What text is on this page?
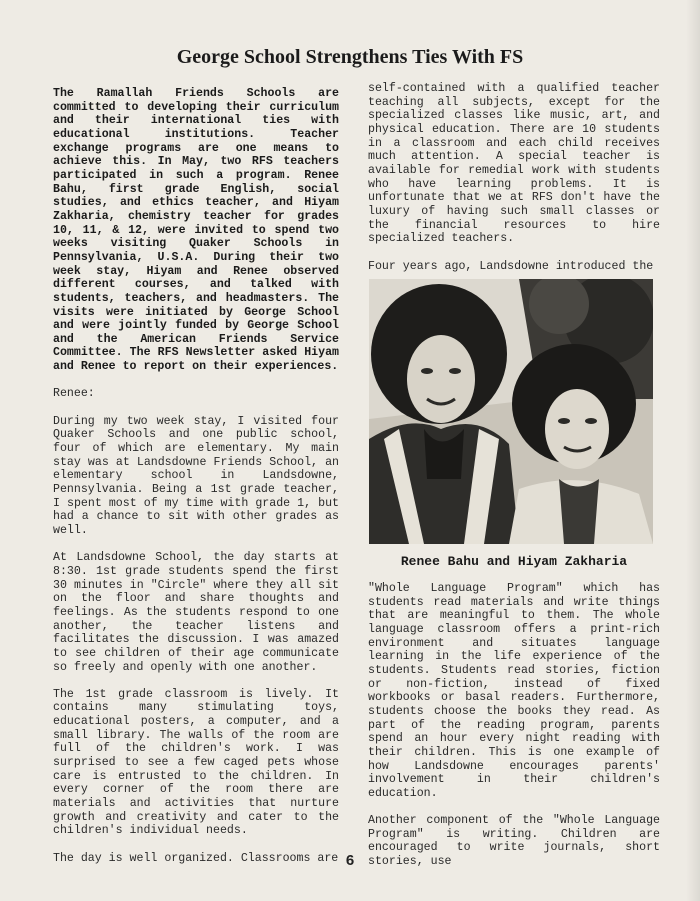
George School Strengthens Ties With FS

The Ramallah Friends Schools are committed to developing their curriculum and their international ties with educational institutions. Teacher exchange programs are one means to achieve this. In May, two RFS teachers participated in such a program. Renee Bahu, first grade English, social studies, and ethics teacher, and Hiyam Zakharia, chemistry teacher for grades 10, 11, & 12, were invited to spend two weeks visiting Quaker Schools in Pennsylvania, U.S.A. During their two week stay, Hiyam and Renee observed different courses, and talked with students, teachers, and headmasters. The visits were initiated by George School and were jointly funded by George School and the American Friends Service Committee. The RFS Newsletter asked Hiyam and Renee to report on their experiences.

Renee:

During my two week stay, I visited four Quaker Schools and one public school, four of which are elementary. My main stay was at Landsdowne Friends School, an elementary school in Landsdowne, Pennsylvania. Being a 1st grade teacher, I spent most of my time with grade 1, but had a chance to sit with other grades as well.

At Landsdowne School, the day starts at 8:30. 1st grade students spend the first 30 minutes in "Circle" where they all sit on the floor and share thoughts and feelings. As the students respond to one another, the teacher listens and facilitates the discussion. I was amazed to see children of their age communicate so freely and openly with one another.

The 1st grade classroom is lively. It contains many stimulating toys, educational posters, a computer, and a small library. The walls of the room are full of the children's work. I was surprised to see a few caged pets whose care is entrusted to the children. In every corner of the room there are materials and activities that nurture growth and creativity and cater to the children's individual needs.

The day is well organized. Classrooms are

self-contained with a qualified teacher teaching all subjects, except for the specialized classes like music, art, and physical education. There are 10 students in a classroom and each child receives much attention. A special teacher is available for remedial work with students who have learning problems. It is unfortunate that we at RFS don't have the luxury of having such small classes or the financial resources to hire specialized teachers.

Four years ago, Landsdowne introduced the

Renee Bahu and Hiyam Zakharia

"Whole Language Program" which has students read materials and write things that are meaningful to them. The whole language classroom offers a print-rich environment and situates language learning in the life experience of the students. Students read stories, fiction or non-fiction, instead of fixed workbooks or basal readers. Furthermore, students choose the books they read. As part of the reading program, parents spend an hour every night reading with their children. This is one example of how Landsdowne encourages parents' involvement in their children's education.

Another component of the "Whole Language Program" is writing. Children are encouraged to write journals, short stories, use

6
